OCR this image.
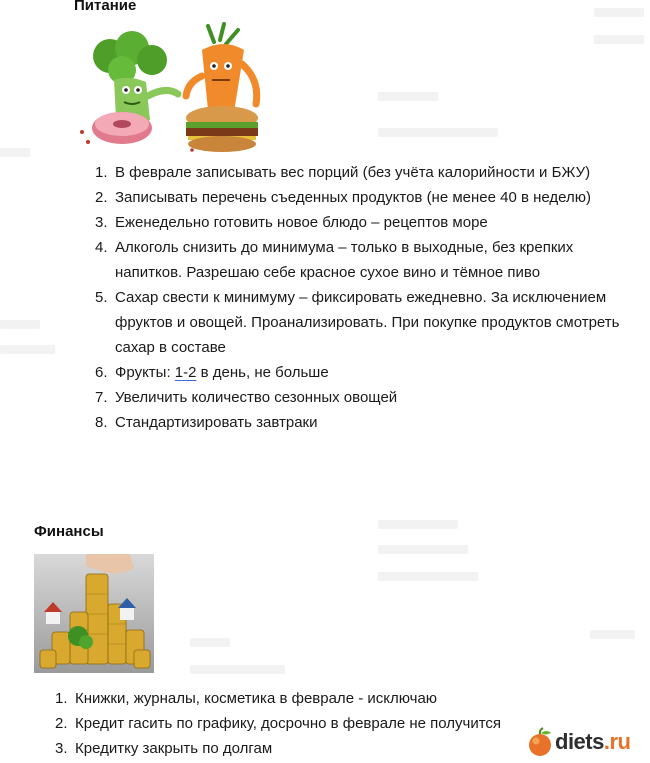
Питание
1. В феврале записывать вес порций (без учёта калорийности и БЖУ)
2. Записывать перечень съеденных продуктов (не менее 40 в неделю)
3. Еженедельно готовить новое блюдо – рецептов море
4. Алкоголь снизить до минимума – только в выходные, без крепких напитков. Разрешаю себе красное сухое вино и тёмное пиво
5. Сахар свести к минимуму – фиксировать ежедневно. За исключением фруктов и овощей. Проанализировать. При покупке продуктов смотреть сахар в составе
6. Фрукты: 1-2 в день, не больше
7. Увеличить количество сезонных овощей
8. Стандартизировать завтраки
Финансы
1. Книжки, журналы, косметика в феврале - исключаю
2. Кредит гасить по графику, досрочно в феврале не получится
3. Кредитку закрыть по долгам	diets.ru
